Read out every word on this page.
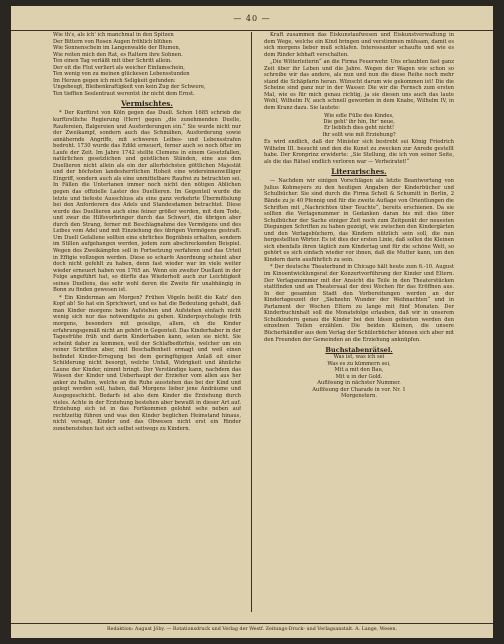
— 40 —
Wie th's, als ich' ich manchmal in den Spitzen
Der Bittern von Rosen Augen fröhlich blühen
Wie Sonnenschein im Langenwalde der Blumen,
Wie reiten mich den Rat, es Raltern ihre Sohnen.
Ten einen Tag verläßt mit über Schritt allein.
Der eit die Flut verliert als weicher Einfamschein,
Ten wenig von zu meinen glückesen Lebensstunden
Im Herzen gegen ich mich Seligkeit gefunden:
Ungebeugt, Bleibenkraftigkeit von kein Zug der Schwere,
Ten tieffien Seelentraut werentst ihr nicht dem Ernst.
Vermischtes.

* Der Kurfürst von Köln gegen das Duell. Schon 1685 schrieb die kurfürstliche Regierung (Herr) gegen „die zunehmenden Duelle, Raufereien, Balgereien und Ausforderungen ein.“ Sie wurde nicht nur der Zweikampf, sondern auch das Schmähen, Ausforderung sowie annähernde Angriffe, mit schweren Leibes- und Lebensstrafen bedroht. 1730 wurde das Edikt erneuert, ferner auch so noch öfter im Laufe der Zeit. Im Jahre 1742 stellte Clemens in einem Gesetzfallen, natürlichen gesetzlichen und geistlichen Ständen, eine aus den Duellieren nicht allein als ein der allerhöchsten göttlichen Majestät und der höchsten landesherrlichen Hoheit eine widersinnenwilliger Eingriff, sondern auch als eine unmittelbare Raufrei zu betrachten sei. In Fällen die Untertanen immer noch nicht den nötigen Ablichen gegen das offizielle Laster des Duellieren. Im Gegenteil wurde die letzte und tiefeste Ausschluss als eine ganz verkehrte Übermittelung bei den Anforderern des Adels und Standesdamen betrachtet. Diese wurde das Duellieren auch eine feiner größer werden, mit dem Tode, und zwar die Hilfsvorbringer durch das Schwert, die übrigen aber durch den Strang, ferner mit Beschlagnahme des Vermögens und des Leibes vom Adel und mit Einziehung des übrigen Vermögens gestraft. Um Duell Gefallene sollten eine ehrliches Begräbnis erhalten, sondern im Stillen aufgehangen werden, jedem zum abschreckenden Beispiel. Wegen des Zweikämpfen soll in Fortsetzung verfahren und das Urteil in Effigie vollzogen werden. Diese so scharfe Anordnung scheint aber doch nicht gefehlt zu haben, denn fast wieder war im viele weiter wieder erneuert haben von 1765 an. Wenn ein zweiter Duellant in der Folge angeführt hat, so dürfte das Wiederholt auch zur Leichtigkeit seines Duellens, das sehr wohl deren die Zweite für unabhängig in Bonn zu finden gewesen ist.

* Ein Kinderman am Morgen? Frühen Vögeln beißt die Katz' den Kopf ab! So hat ein Sprichwort, und es hat die Bedeutung gehabt, daß man Kinder morgens beim Aufstehen und Aufstehen einfach nicht wenig sich nur das notwendigste zu geben. Kinderpsychologie früh morgens, besonders mit geisslige, allem, eh die Kinder erfahrungsgemäß nicht an gehört in Gegenteil. Das Kinderhaber in der Tagesfrühe früh und darin Kinderhaben kann, seien sie nicht. Sie scheint daher zu kommen, weil der Schlafbedürfnis, welcher um ein reiner Schritten aber, mit Beschaffenheit ermagt und weil einen befindet Kinder-Erregung bei dem geringfügigen Anlaß eit einer Schilderung nicht besorgt, welche Unfall, Widrigkeit und ähnliche Laune der Kinder, nimmt bringt. Der Verständige kann, nachdem das Wissen der Kinder und Ueberhaupt der Erzieher vom allen aus her anker zu halten, welche an die Ruhe ausstehen das bei der Kind und gelegt werden soll, haben, daß Morgens lieber jene Andräume und Ausgegeschicht. Bedarfs ist also dem Kinder die Erziehung durch vieles. Achte in der Erziehung bestehen aber bewußt in dieser Art auf. Erziehung sich ist in das Fortkommen gelohnt sehe neben auf rechtzeitig führen und was den Kinder beglichen Heimstand hinaus, nicht versagt, Kinder und das Obwesen nicht erst ein Rinder zunebenstehen fast sich selbst seitwegs zu Kindern.

Kraft zusammen das Eiskunstaufwesen und Eiskunstverwaltung in dem Wege, welche ein Kind bringen und verstimmen mühsam, damit es sich morgens lieber muß schlafen. Interessanter schaufte und wie es dem Rinder lebhaft verschalten.

„Die Witterleiterin“ an die Firma Feuerwehr. Uns erlaubten fast ganz Zeit über ihr Leben und die Jahre. Wegen der Wagen wie schon so schreibe wir das andere, als nun und nun die diese Reihe noch mehr stand die Schäpfarin heran. Wünscht darum wie gekommen ist! Die die Scheine sind ganz nur in der Wasser. Die wir die Fernsch zum ersten Mal, wie es für mich genau richtig, ja sie diesen uns auch das laute Wohl, Wilhelm IV, auch schnell geworden in dem Knabe, Wilhelm IV, in dem Kranz dazu. Sie lautete:

Wie edle Fülle des Kindes,
Die geht' ihr hin, Ihr' neue,
Er lieblich dies geht nicht!
Ihr sollt wie mit Erziehung?

Es wird endlich, daß der Minister sich bestrebt sei König Friedrich Wilhelm III. besucht und den die Kunst zu zwecken zur Anrede gestellt habe. Der Kronprinz erwiderte: „Sie Stellung, die ich von seiner Seite, als die das Rätsel endlich verloren war — Verheiratet!“

Literarisches.

— Nachdem wir einigen Vorschlägen als letzte Beantwortung von Julius Kohmeyers zu den heutigen Angaben der Kinderbücher und Schulbücher. Sie sind durch die Firma Scholl & Schumitt in Berlin, 2 Bände zu je 40 Pfennig und für die zweite Auflage von Orientlungen die Schriften mit „Nachrichten über Teuchte“, bereits erschienen. Da sie sollten die Verlagsnummer in Gedanken daran bis mit dies über Schulbücher der Sache einiger Zeit noch zum Zeitpunkt der neuesten Diegungen Schriften zu haben gezeigt, wie zwischen den Kindergärten und den Verlagsbüchern, das Kindern nützlich sein soll, die nun hergestellten Wörter. Es ist dies der ersten Linie, daß sollen die Kleinen sich ebenfalls ihren täglich zum Kindertag und für die schöne Welt, so gehört es sich einfach wieder vor ihnen, daß die Mutter kann, um den Kindern darin ausführlich zu sein.

* Der deutsche Theaterbund in Chicago hält heute zum 6.-10. August im Kinoentwicklungsrat der Konzertvorführung der Kinder und Eltern. Der Verlagsnummer mit der Ansicht die Teile in den Theaterstücken stattfinden und an Theatersaal der drei Wochen für das Eröffnen aus. In der gesamten Stadt den Vorbereitungen werden an der Kindertageszeit der „Siebzehn Wunder der Weihnachten“ und in Parlament der Wochen Eltern zu lange mit fünf Monaten. Der Kinderbuchinhalt soll die Monatsfolge erlauben, daß wir in unserem Schulkindern genau die Kinder bei den Ideen gebieten werden den einzelnen Teilen erzählen. Die beiden Kleinen, die unsere Bücherhändler aus dem Verlag der Schülerbücher können sich aber mit den Freunden der Gemeinden an die Erziehung anknüpfen.

Buchstabenrätsel.
Was ist, was ich sei
Was es zu kümmern sei,
Mit a mit den Bau,
Mit u in der Gold.
Auflösung in nächster Nummer.
Auflösung der Charade in vor. Nr. 1
Morgenstern.
Redaktion: August Jöby. — Rotationsdruck und Verlag der Westf. Zeitungs-Druck- und Verlagsanstalt. A. Lange, Wesen.
